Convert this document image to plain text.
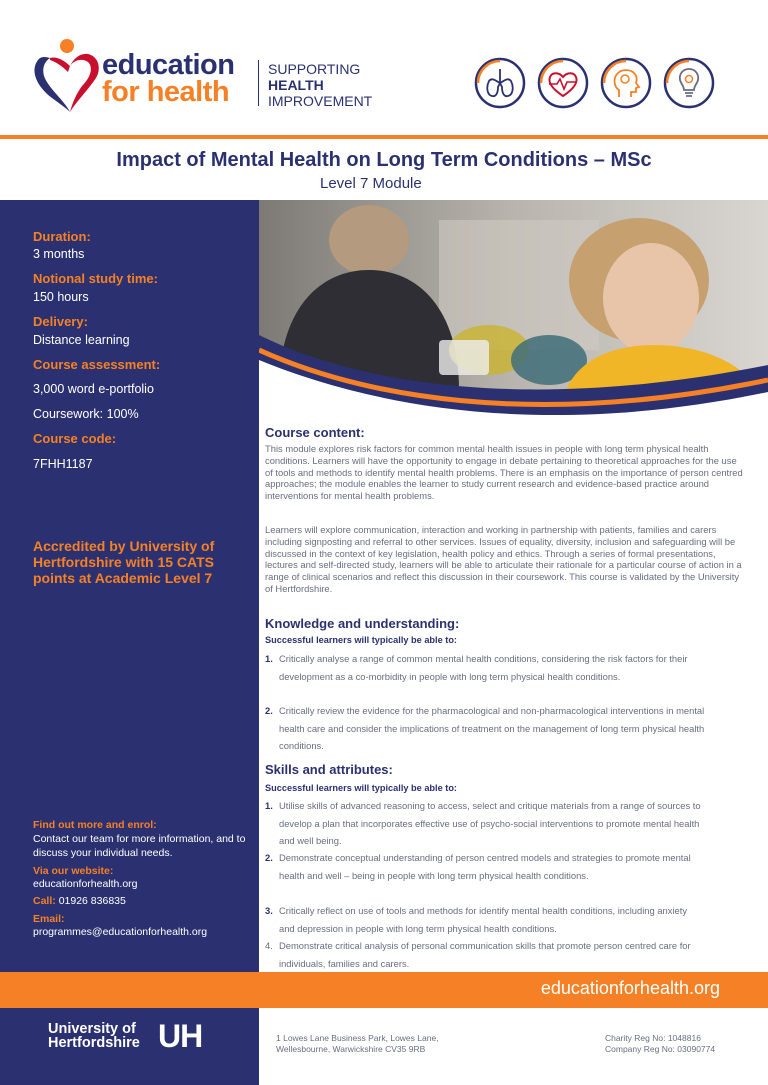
education
for health
SUPPORTING
HEALTH
IMPROVEMENT
Impact of Mental Health on Long Term Conditions – MSc
Level 7 Module
Duration:
3 months
Notional study time:
150 hours
Delivery:
Distance learning
Course assessment:
3,000 word e-portfolio
Coursework: 100%
Course code:
7FHH1187
Accredited by University of Hertfordshire with 15 CATS points at Academic Level 7
Find out more and enrol:
Contact our team for more information, and to discuss your individual needs.
Via our website:
educationforhealth.org
Call: 01926 836835
Email:
programmes@educationforhealth.org
Course content:
This module explores risk factors for common mental health issues in people with long term physical health conditions. Learners will have the opportunity to engage in debate pertaining to theoretical approaches for the use of tools and methods to identify mental health problems. There is an emphasis on the importance of person centred approaches; the module enables the learner to study current research and evidence-based practice around interventions for mental health problems.
Learners will explore communication, interaction and working in partnership with patients, families and carers including signposting and referral to other services. Issues of equality, diversity, inclusion and safeguarding will be discussed in the context of key legislation, health policy and ethics. Through a series of formal presentations, lectures and self-directed study, learners will be able to articulate their rationale for a particular course of action in a range of clinical scenarios and reflect this discussion in their coursework. This course is validated by the University of Hertfordshire.
Knowledge and understanding:
Successful learners will typically be able to:
1. Critically analyse a range of common mental health conditions, considering the risk factors for their development as a co-morbidity in people with long term physical health conditions.
2. Critically review the evidence for the pharmacological and non-pharmacological interventions in mental health care and consider the implications of treatment on the management of long term physical health conditions.
Skills and attributes:
Successful learners will typically be able to:
1. Utilise skills of advanced reasoning to access, select and critique materials from a range of sources to develop a plan that incorporates effective use of psycho-social interventions to promote mental health and well being.
2. Demonstrate conceptual understanding of person centred models and strategies to promote mental health and well – being in people with long term physical health conditions.
3. Critically reflect on use of tools and methods for identify mental health conditions, including anxiety and depression in people with long term physical health conditions.
4. Demonstrate critical analysis of personal communication skills that promote person centred care for individuals, families and carers.
educationforhealth.org
University of
Hertfordshire UH	1 Lowes Lane Business Park, Lowes Lane,
Wellesbourne, Warwickshire CV35 9RB
Charity Reg No: 1048816
Company Reg No: 03090774
